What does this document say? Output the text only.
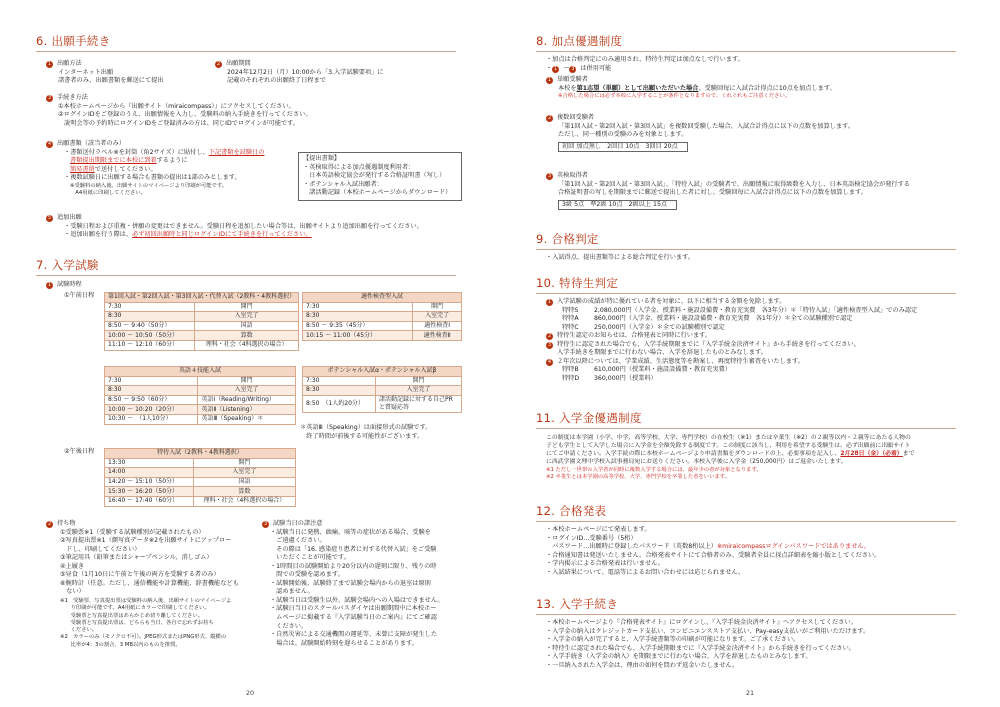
6. 出願手続き
1 出願方法
インターネット出願
諸書者のみ、出願書類を郵送にて提出
2 出願期間
2024年12月2日（月）10:00から「3.入学試験要項」に
記載のそれぞれの出願終了日程まで
3 手続き方法
①本校ホームページから『出願サイト（miraicompass）』にアクセスしてください。
②ログインIDをご登録のうえ、出願情報を入力し、受験料の納入手続きを行ってください。
　説明会等の予約時にログインIDをご登録済みの方は、同じIDでログインが可能です。
4 出願書類（該当者のみ）
・書類送付ラベル※を封筒（角2サイズ）に貼付し、下記書類を試験日の
書類提出期限までに本校に到着するように
簡易書留で送付してください。
・複数試験日に出願する場合も書類の提出は1部のみとします。
※受験料の納入後、出願サイトのマイページより印刷が可能です。
　A4用紙に印刷してください。
【提出書類】
・英検取得による加点優遇制度利用者：
　日本英語検定協会が発行する合格証明書（写し）
・ポテンシャル入試出願者：
　諸活動記録（本校ホームページからダウンロード）
5 追加出願
・受験日程および重複・併願の変更はできません。受験日程を追加したい場合等は、出願サイトより追加出願を行ってください。
・追加出願を行う際は、必ず初回出願時と同じログインIDにて手続きを行ってください。
7. 入学試験
1 試験時程
①午前日程 第1回入試・第2回入試・第3回入試・代替入試（2教科・4教科選択）	
7:30	開門
8:30	入室完了
8:50 〜 9:40（50分）	国語
10:00 〜 10:50（50分）	算数
11:10 〜 12:10（60分）	理科・社会（4科選択の場合）
適性検査型入試	
7:30	開門
8:30	入室完了
8:50 〜 9:35（45分）	適性検査Ⅰ
10:15 〜 11:00（45分）	適性検査Ⅱ
英語４技能入試	
7:30	開門
8:30	入室完了
8:50 〜 9:50（60分）	英語Ⅰ（Reading/Writing）
10:00 〜 10:20（20分）	英語Ⅱ（Listening）
10:30 〜　（1人10分）	英語Ⅲ（Speaking）＊
ポテンシャル入試α・ポテンシャル入試β	
7:30	開門
8:30	入室完了
8:50　（1人約20分）	諸活動記録に対する自己PRと質疑応答
＊英語Ⅲ（Speaking）は面接形式の試験です。
　終了時間が前後する可能性がございます。
②午後日程	特待入試（2教科・4教科選択）	
13:30	開門
14:00	入室完了
14:20 〜 15:10（50分）	国語
15:30 〜 16:20（50分）	算数
16:40 〜 17:40（60分）	理科・社会（4科選択の場合）
2 持ち物
①受験票※1（受験する試験種別が記載されたもの）
②写真提出票※1（顔写真データ※2を出願サイトにアップロー
　ドし、印刷してください）
③筆記用具（鉛筆またはシャープペンシル、消しゴム）
④上履き
⑤昼食（1月10日に午前と午後の両方を受験する者のみ）
⑥腕時計（任意。ただし、通信機能や計算機能、辞書機能なども
　ない）
※1　受験票、写真提出票は受験料の納入後、出願サイトのマイページよ
　　り印刷が可能です。A4用紙にカラーで印刷してください。
　　受験票と写真提出票はあらかじめ切り離してください。
　　受験票と写真提出票は、どちらも当日、各自で忘れずお持ち
　　ください。
※2　カラーのみ（モノクロ不可）。JPEG形式またはPNG形式、縦横の
　　比率が4：3の割合、3 MB以内のものを推奨。
3 試験当日の諸注意
・試験当日に発熱、頭痛、咳等の症状がある場合、受験を
　ご遠慮ください。
　その際は「16. 感染症り患者に対する代替入試」をご受験
　いただくことが可能です。
・1時間目の試験開始より20分以内の遅刻に限り、残りの時
　間での受験を認めます。
・試験開始後、試験終了まで試験会場内からの退室は原則
　認めません。
・試験当日は受験生以外、試験会場内への入場はできません。
・試験日当日のスクールバスダイヤは出願期間中に本校ホー
　ムページに掲載する『入学試験当日のご案内』にてご確認
　ください。
・自然災害による交通機関の運延等、未曾に支障が発生した
　場合は、試験開始時刻を遅らせることがあります。
20
8. 加点優遇制度
・加点は合格判定にのみ適用され、特待生判定は加点なしで行います。
・ 1 〜 3 は併用可能
1 単願受験者
本校を第1志望（単願）として出願いただいた場合、受験回毎に入試合計得点に10点を加点します。
※合格した場合には必ず本校に入学することが条件となりますので、くれぐれもご注意ください。
2 複数回受験者
「第1回入試・第2回入試・第3回入試」を複数回受験した場合、入試合計得点に以下の点数を加算します。
ただし、同一種別の受験のみを対象とします。
初回 加点無し 2回目 10点 3回目 20点
3 英検取得者
「第1回入試・第2回入試・第3回入試」、「特待入試」の受験者で、出願情報に取得級数を入力し、日本英語検定協会が発行する
合格証明書の写しを期限までに郵送で提出した者に対し、受験回毎に入試合計得点に以下の点数を加算します。
3級 5点 準2級 10点 2級以上 15点
9. 合格判定
・入試得点、提出書類等による総合判定を行います。
10. 特待生判定
1 入学試験の成績が特に優れている者を対象に、以下に相当する金額を免除します。
特特S	2,080,000円（入学金、授業料・施設設備費・教育充実費　各3年分）＊「特待入試」「適性検査型入試」でのみ認定
特特A 860,000円（入学金、授業料・施設設備費・教育充実費　各1年分）＊全ての試験種別で認定
特特C 250,000円（入学金）＊全ての試験種別で認定
2 特待生認定のお知らせは、合格発表と同時に行います。
3 特待生に認定された場合でも、入学手続期限までに『入学手続金決済サイト』から手続きを行ってください。
入学手続きを期限までに行わない場合、入学を辞退したものとみなします。
4 ２年次以降については、学業成績、生活態度等を勘案し、再度特待生審査をいたします。
特特B 610,000円（授業料・施設設備費・教育充実費）
特特D 360,000円（授業料）
11. 入学金優遇制度
この制度は本学園（小学、中学、高等学校、大学、専門学校）の在校生（※1）または卒業生（※2）の２親等以内・２親等にあたる人物の
子ども学生として入学した場合に入学金を全額免除する制度です。この制度に該当し、利用を希望する受験生は、必ず出願前に出願サイト
にてご申請ください。入学手続の際に本校ホームページより申請書類をダウンロードの上、必要事項を記入し、2月28日（金）（必着）まで
に西武学園文理中学校入試事務局宛にお送りください。本校入学後に入学金（250,000円）はご返金いたします。
※1 ただし一世帯の入学者が同時に複数入学する場合には、最年少の者が対象となります。
※2 卒業生とは本学園の高等学校、大学、専門学校を卒業した者をいいます。
12. 合格発表
・本校ホームページにて発表します。
・ログインID…受験番号（5桁）
　パスワード…出願時に登録したパスワード（英数8桁以上）※miraicompassログインパスワードではありません。
・合格通知書は発送いたしません。合格発表サイトにて合格者のみ、受験者全員に採点詳細表を縮小版としてください。
・学内掲示による合格発表は行いません。
・入試結果について、電話等によるお問い合わせには応じられません。
13. 入学手続き
・本校ホームページより『合格発表サイト』にログインし、『入学手続金決済サイト』へアクセスしてください。
・入学金の納入はクレジットカード支払い、コンビニエンスストア支払い、Pay-easy支払いがご利用いただけます。
・入学金の納入が完了すると、入学手続書類等の印刷が可能になります。ご了承ください。
・特待生に認定された場合でも、入学手続期限までに『入学手続金決済サイト』から手続きを行ってください。
・入学手続き（入学金の納入）を期限までに行わない場合、入学を辞退したものとみなします。
・一旦納入された入学金は、理由の如何を問わず返金いたしません。
21
